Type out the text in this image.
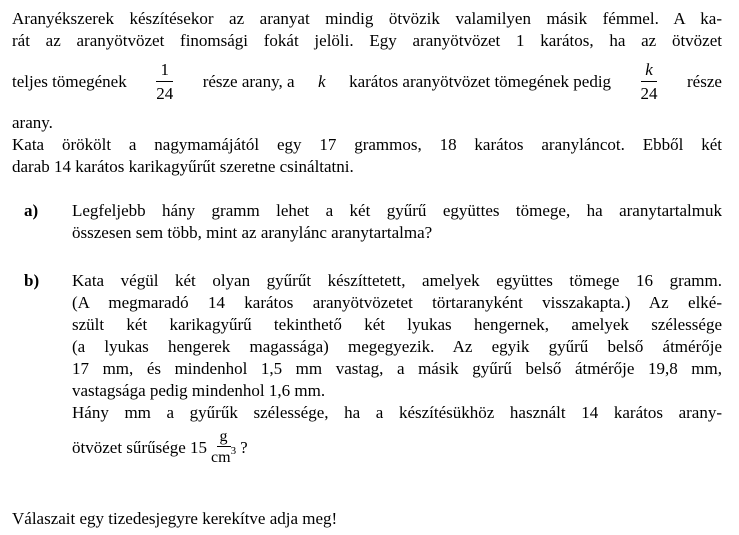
Aranyékszerek készítésekor az aranyat mindig ötvözik valamilyen másik fémmel. A ka-
rát az aranyötvözet finomsági fokát jelöli. Egy aranyötvözet 1 karátos, ha az ötvözet
teljes tömegének $\frac{1}{24}$ része arany, a k karátos aranyötvözet tömegének pedig $\frac{k}{24}$ része
arany.
Kata örökölt a nagymamájától egy 17 grammos, 18 karátos aranyláncot. Ebből két
darab 14 karátos karikagyűrűt szeretne csináltatni.
a) Legfeljebb hány gramm lehet a két gyűrű együttes tömege, ha aranytartalmuk
összesen sem több, mint az aranylánc aranytartalma?
b) Kata végül két olyan gyűrűt készíttetett, amelyek együttes tömege 16 gramm.
(A megmaradó 14 karátos aranyötvözetet törtaranyként visszakapta.) Az elké-
szült két karikagyűrű tekinthető két lyukas hengernek, amelyek szélessége
(a lyukas hengerek magassága) megegyezik. Az egyik gyűrű belső átmérője
17 mm, és mindenhol 1,5 mm vastag, a másik gyűrű belső átmérője 19,8 mm,
vastagsága pedig mindenhol 1,6 mm.
Hány mm a gyűrűk szélessége, ha a készítésükhöz használt 14 karátos arany-
ötvözet sűrűsége $15 \frac{g}{cm^3}$ ?
Válaszait egy tizedesjegyre kerekítve adja meg!
